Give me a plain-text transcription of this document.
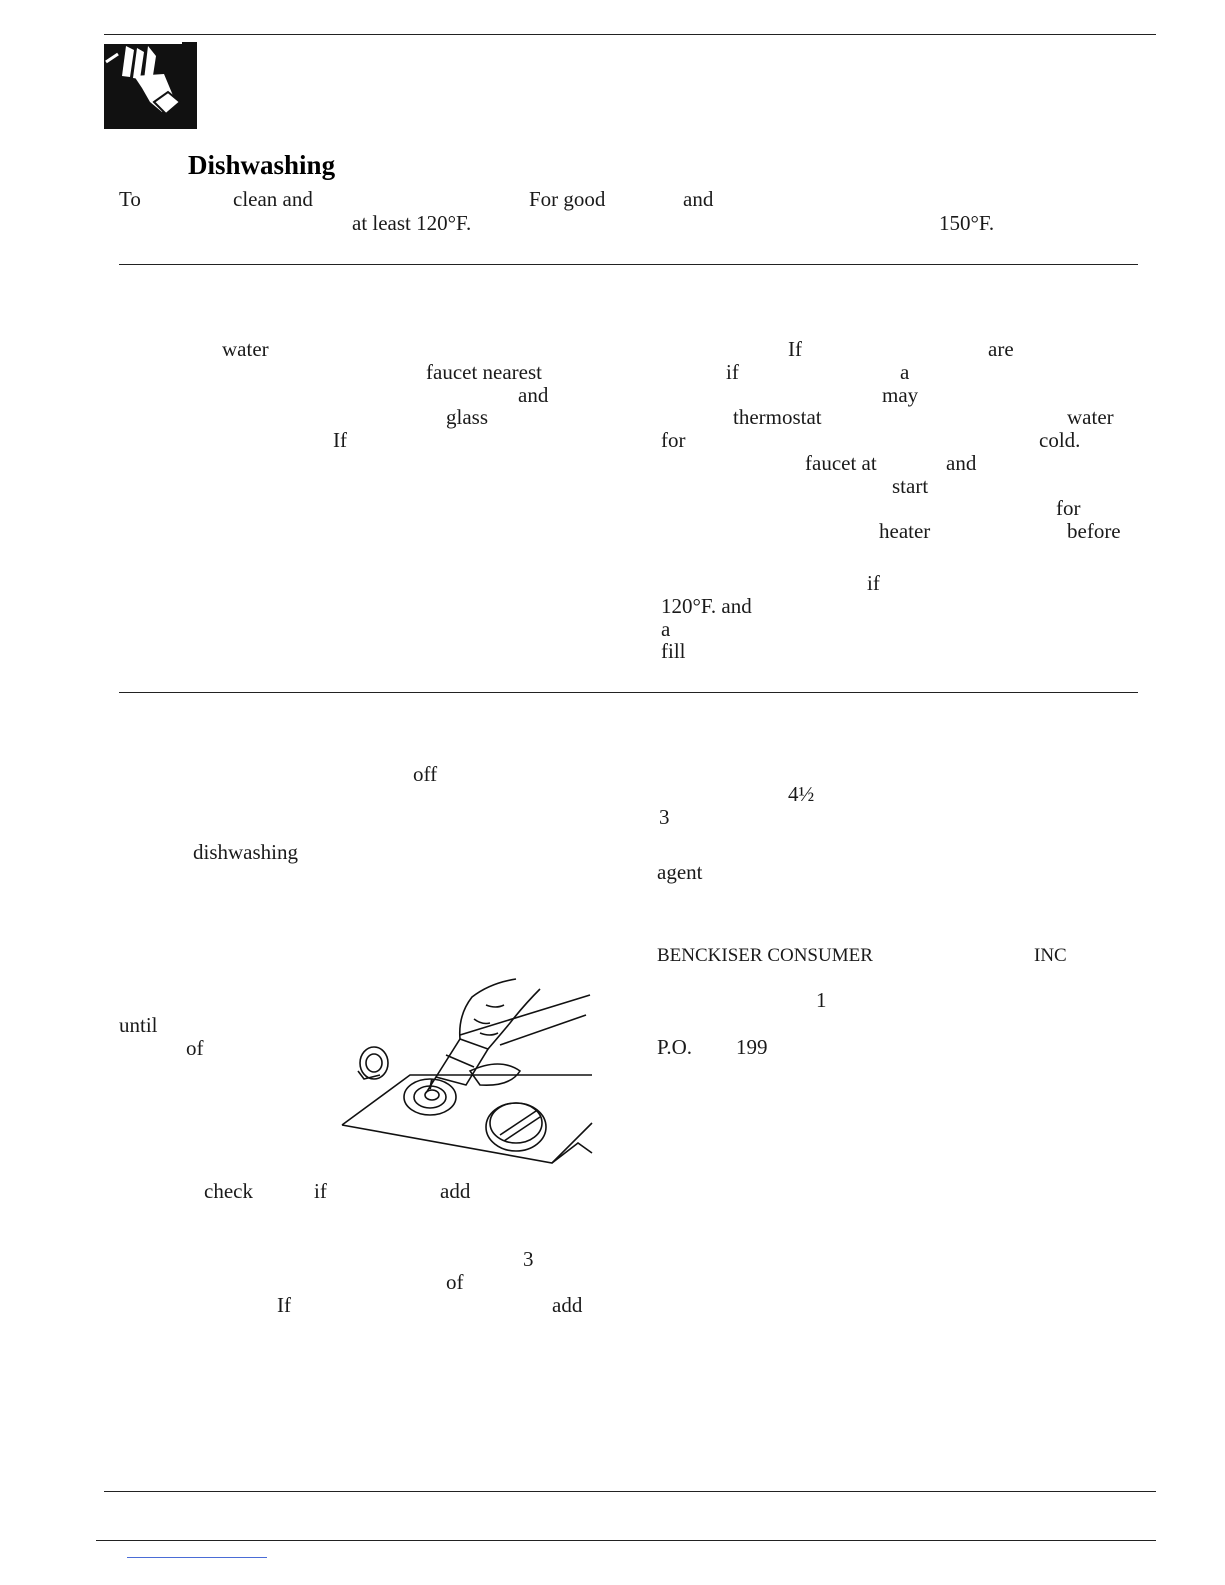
Dishwashing
To	clean and	For good	and
at least 120°F.	150°F.
water
faucet nearest
and
glass
If
If	are
if	a
may
thermostat	water
for	cold.
faucet at	and
start
for
heater	before
if
120°F. and
a
fill
off
dishwashing
until
of
check	if	add
3
of
If	add
4½
3
agent
BENCKISER CONSUMER	INC
1
P.O. 199
